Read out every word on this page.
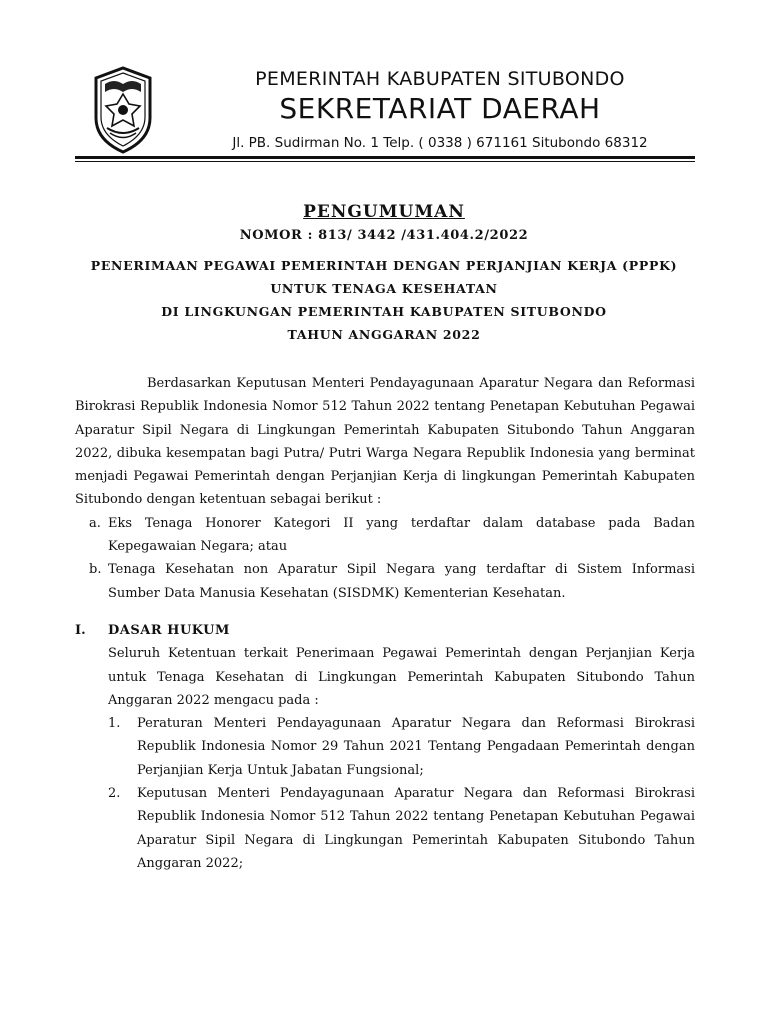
PEMERINTAH KABUPATEN SITUBONDO
SEKRETARIAT DAERAH
Jl. PB. Sudirman No. 1 Telp. ( 0338 ) 671161 Situbondo 68312
PENGUMUMAN
NOMOR : 813/ 3442 /431.404.2/2022
PENERIMAAN PEGAWAI PEMERINTAH DENGAN PERJANJIAN KERJA (PPPK)
UNTUK TENAGA KESEHATAN
DI LINGKUNGAN PEMERINTAH KABUPATEN SITUBONDO
TAHUN ANGGARAN 2022

Berdasarkan Keputusan Menteri Pendayagunaan Aparatur Negara dan Reformasi Birokrasi Republik Indonesia Nomor 512 Tahun 2022 tentang Penetapan Kebutuhan Pegawai Aparatur Sipil Negara di Lingkungan Pemerintah Kabupaten Situbondo Tahun Anggaran 2022, dibuka kesempatan bagi Putra/ Putri Warga Negara Republik Indonesia yang berminat menjadi Pegawai Pemerintah dengan Perjanjian Kerja di lingkungan Pemerintah Kabupaten Situbondo dengan ketentuan sebagai berikut :

a. Eks Tenaga Honorer Kategori II yang terdaftar dalam database pada Badan Kepegawaian Negara; atau
b. Tenaga Kesehatan non Aparatur Sipil Negara yang terdaftar di Sistem Informasi Sumber Data Manusia Kesehatan (SISDMK) Kementerian Kesehatan.
I.	DASAR HUKUM

Seluruh Ketentuan terkait Penerimaan Pegawai Pemerintah dengan Perjanjian Kerja untuk Tenaga Kesehatan di Lingkungan Pemerintah Kabupaten Situbondo Tahun Anggaran 2022 mengacu pada :

1. Peraturan Menteri Pendayagunaan Aparatur Negara dan Reformasi Birokrasi Republik Indonesia Nomor 29 Tahun 2021 Tentang Pengadaan Pemerintah dengan Perjanjian Kerja Untuk Jabatan Fungsional;
2. Keputusan Menteri Pendayagunaan Aparatur Negara dan Reformasi Birokrasi Republik Indonesia Nomor 512 Tahun 2022 tentang Penetapan Kebutuhan Pegawai Aparatur Sipil Negara di Lingkungan Pemerintah Kabupaten Situbondo Tahun Anggaran 2022;
